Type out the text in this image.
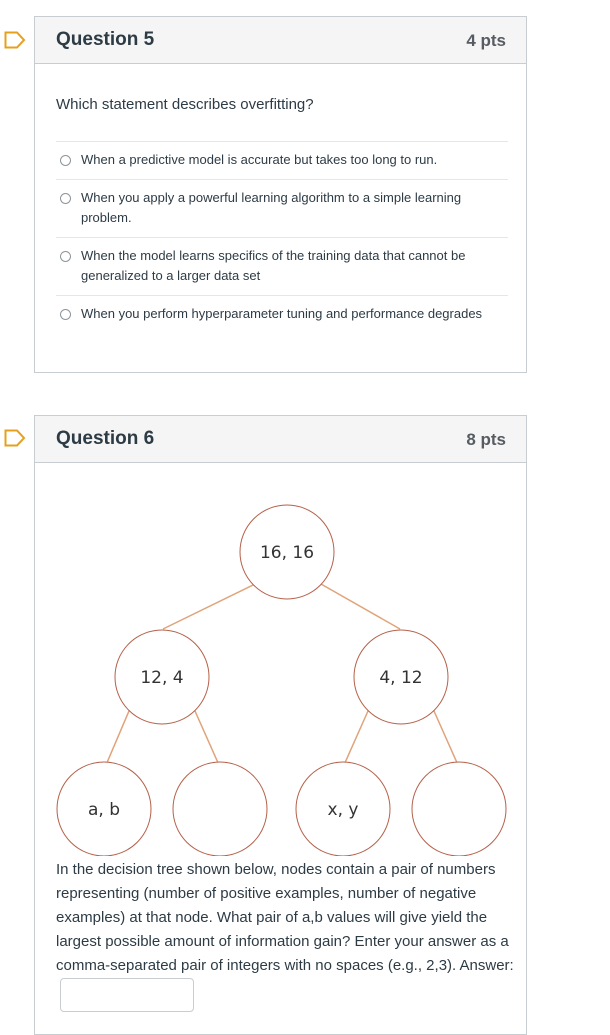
Question 5	4 pts
Which statement describes overfitting?
When a predictive model is accurate but takes too long to run.
When you apply a powerful learning algorithm to a simple learning problem.
When the model learns specifics of the training data that cannot be generalized to a larger data set
When you perform hyperparameter tuning and performance degrades
Question 6	8 pts
16, 16
12, 4	4, 12
a, b	x, y
In the decision tree shown below, nodes contain a pair of numbers representing (number of positive examples, number of negative examples) at that node. What pair of a,b values will give yield the largest possible amount of information gain? Enter your answer as a comma-separated pair of integers with no spaces (e.g., 2,3). Answer:
